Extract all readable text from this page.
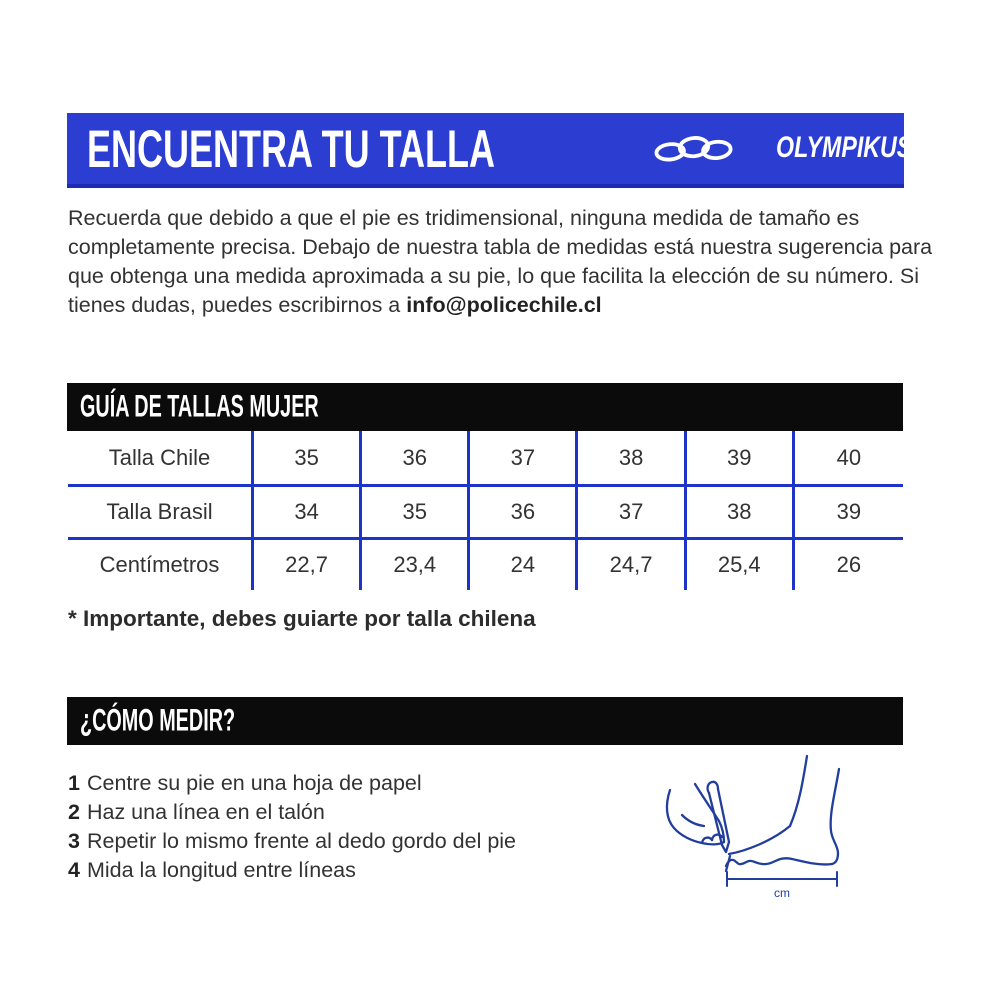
ENCUENTRA TU TALLA	OLYMPIKUS

Recuerda que debido a que el pie es tridimensional, ninguna medida de tamaño es completamente precisa. Debajo de nuestra tabla de medidas está nuestra sugerencia para que obtenga una medida aproximada a su pie, lo que facilita la elección de su número. Si tienes dudas, puedes escribirnos a info@policechile.cl

GUÍA DE TALLAS MUJER
Talla Chile	35	36	37	38	39	40
Talla Brasil	34	35	36	37	38	39
Centímetros	22,7	23,4	24	24,7	25,4	26
* Importante, debes guiarte por talla chilena
¿CÓMO MEDIR?
1 Centre su pie en una hoja de papel
2 Haz una línea en el talón
3 Repetir lo mismo frente al dedo gordo del pie
4 Mida la longitud entre líneas
cm
